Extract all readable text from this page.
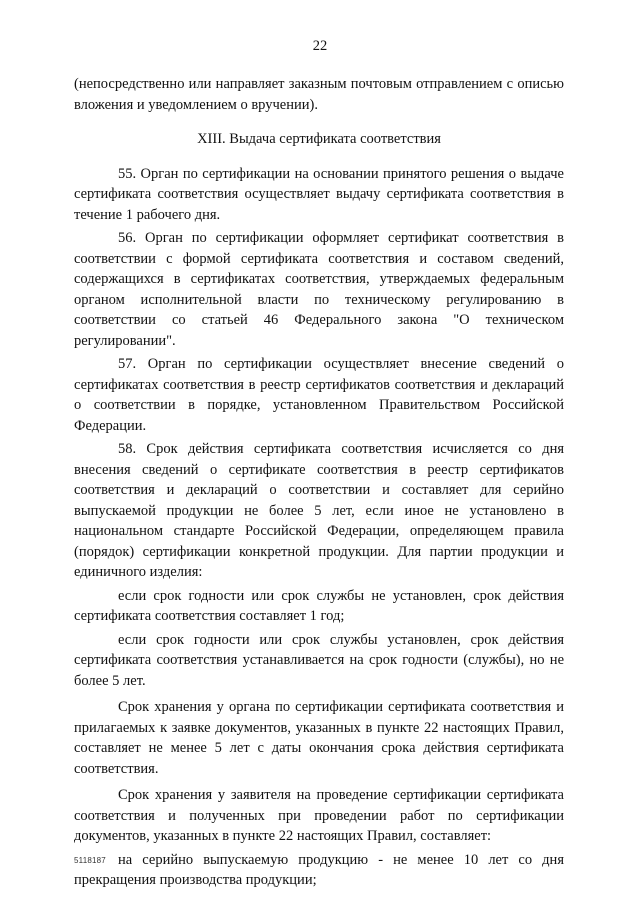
22

(непосредственно или направляет заказным почтовым отправлением с описью вложения и уведомлением о вручении).

XIII. Выдача сертификата соответствия

55. Орган по сертификации на основании принятого решения о выдаче сертификата соответствия осуществляет выдачу сертификата соответствия в течение 1 рабочего дня.

56. Орган по сертификации оформляет сертификат соответствия в соответствии с формой сертификата соответствия и составом сведений, содержащихся в сертификатах соответствия, утверждаемых федеральным органом исполнительной власти по техническому регулированию в соответствии со статьей 46 Федерального закона "О техническом регулировании".

57. Орган по сертификации осуществляет внесение сведений о сертификатах соответствия в реестр сертификатов соответствия и деклараций о соответствии в порядке, установленном Правительством Российской Федерации.

58. Срок действия сертификата соответствия исчисляется со дня внесения сведений о сертификате соответствия в реестр сертификатов соответствия и деклараций о соответствии и составляет для серийно выпускаемой продукции не более 5 лет, если иное не установлено в национальном стандарте Российской Федерации, определяющем правила (порядок) сертификации конкретной продукции. Для партии продукции и единичного изделия:

если срок годности или срок службы не установлен, срок действия сертификата соответствия составляет 1 год;

если срок годности или срок службы установлен, срок действия сертификата соответствия устанавливается на срок годности (службы), но не более 5 лет.

Срок хранения у органа по сертификации сертификата соответствия и прилагаемых к заявке документов, указанных в пункте 22 настоящих Правил, составляет не менее 5 лет с даты окончания срока действия сертификата соответствия.

Срок хранения у заявителя на проведение сертификации сертификата соответствия и полученных при проведении работ по сертификации документов, указанных в пункте 22 настоящих Правил, составляет:

на серийно выпускаемую продукцию - не менее 10 лет со дня прекращения производства продукции;

5118187
